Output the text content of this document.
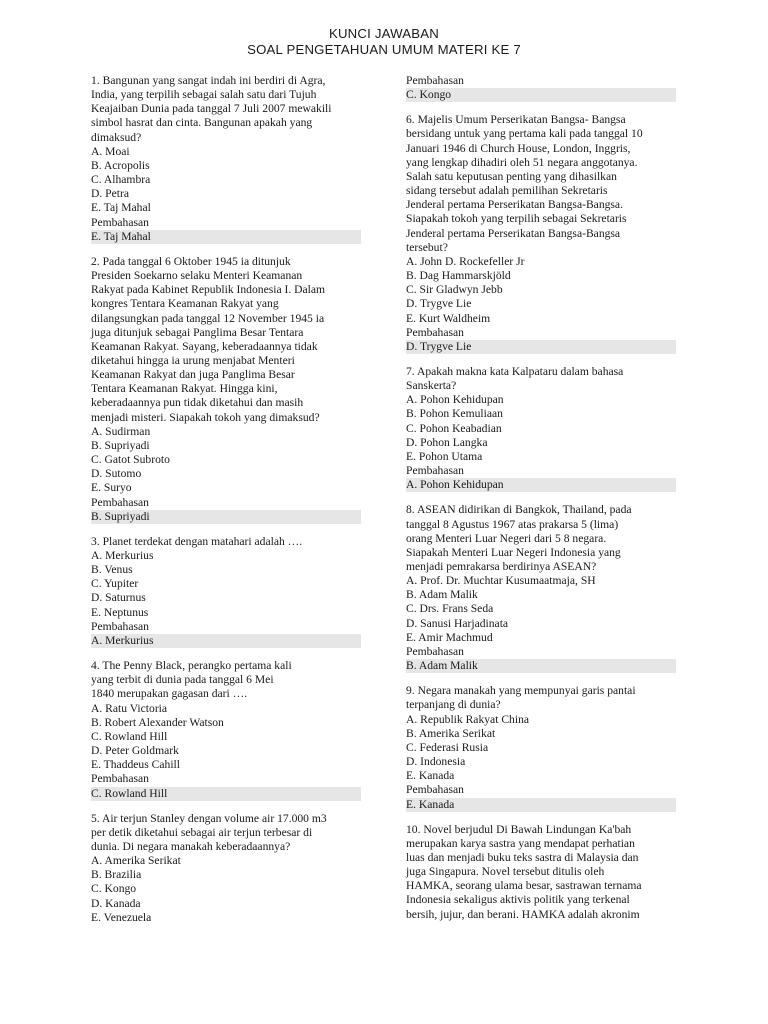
KUNCI JAWABAN
SOAL PENGETAHUAN UMUM MATERI KE 7
1. Bangunan yang sangat indah ini berdiri di Agra,
India, yang terpilih sebagai salah satu dari Tujuh
Keajaiban Dunia pada tanggal 7 Juli 2007 mewakili
simbol hasrat dan cinta. Bangunan apakah yang
dimaksud?
A. Moai
B. Acropolis
C. Alhambra
D. Petra
E. Taj Mahal
Pembahasan
E. Taj Mahal
2. Pada tanggal 6 Oktober 1945 ia ditunjuk
Presiden Soekarno selaku Menteri Keamanan
Rakyat pada Kabinet Republik Indonesia I. Dalam
kongres Tentara Keamanan Rakyat yang
dilangsungkan pada tanggal 12 November 1945 ia
juga ditunjuk sebagai Panglima Besar Tentara
Keamanan Rakyat. Sayang, keberadaannya tidak
diketahui hingga ia urung menjabat Menteri
Keamanan Rakyat dan juga Panglima Besar
Tentara Keamanan Rakyat. Hingga kini,
keberadaannya pun tidak diketahui dan masih
menjadi misteri. Siapakah tokoh yang dimaksud?
A. Sudirman
B. Supriyadi
C. Gatot Subroto
D. Sutomo
E. Suryo
Pembahasan
B. Supriyadi
3. Planet terdekat dengan matahari adalah ….
A. Merkurius
B. Venus
C. Yupiter
D. Saturnus
E. Neptunus
Pembahasan
A. Merkurius
4. The Penny Black, perangko pertama kali
yang terbit di dunia pada tanggal 6 Mei
1840 merupakan gagasan dari ….
A. Ratu Victoria
B. Robert Alexander Watson
C. Rowland Hill
D. Peter Goldmark
E. Thaddeus Cahill
Pembahasan
C. Rowland Hill
5. Air terjun Stanley dengan volume air 17.000 m3
per detik diketahui sebagai air terjun terbesar di
dunia. Di negara manakah keberadaannya?
A. Amerika Serikat
B. Brazilia
C. Kongo
D. Kanada
E. Venezuela
Pembahasan
C. Kongo
6. Majelis Umum Perserikatan Bangsa- Bangsa
bersidang untuk yang pertama kali pada tanggal 10
Januari 1946 di Church House, London, Inggris,
yang lengkap dihadiri oleh 51 negara anggotanya.
Salah satu keputusan penting yang dihasilkan
sidang tersebut adalah pemilihan Sekretaris
Jenderal pertama Perserikatan Bangsa-Bangsa.
Siapakah tokoh yang terpilih sebagai Sekretaris
Jenderal pertama Perserikatan Bangsa-Bangsa
tersebut?
A. John D. Rockefeller Jr
B. Dag Hammarskjöld
C. Sir Gladwyn Jebb
D. Trygve Lie
E. Kurt Waldheim
Pembahasan
D. Trygve Lie
7. Apakah makna kata Kalpataru dalam bahasa
Sanskerta?
A. Pohon Kehidupan
B. Pohon Kemuliaan
C. Pohon Keabadian
D. Pohon Langka
E. Pohon Utama
Pembahasan
A. Pohon Kehidupan
8. ASEAN didirikan di Bangkok, Thailand, pada
tanggal 8 Agustus 1967 atas prakarsa 5 (lima)
orang Menteri Luar Negeri dari 5 8 negara.
Siapakah Menteri Luar Negeri Indonesia yang
menjadi pemrakarsa berdirinya ASEAN?
A. Prof. Dr. Muchtar Kusumaatmaja, SH
B. Adam Malik
C. Drs. Frans Seda
D. Sanusi Harjadinata
E. Amir Machmud
Pembahasan
B. Adam Malik
9. Negara manakah yang mempunyai garis pantai
terpanjang di dunia?
A. Republik Rakyat China
B. Amerika Serikat
C. Federasi Rusia
D. Indonesia
E. Kanada
Pembahasan
E. Kanada
10. Novel berjudul Di Bawah Lindungan Ka'bah
merupakan karya sastra yang mendapat perhatian
luas dan menjadi buku teks sastra di Malaysia dan
juga Singapura. Novel tersebut ditulis oleh
HAMKA, seorang ulama besar, sastrawan ternama
Indonesia sekaligus aktivis politik yang terkenal
bersih, jujur, dan berani. HAMKA adalah akronim
